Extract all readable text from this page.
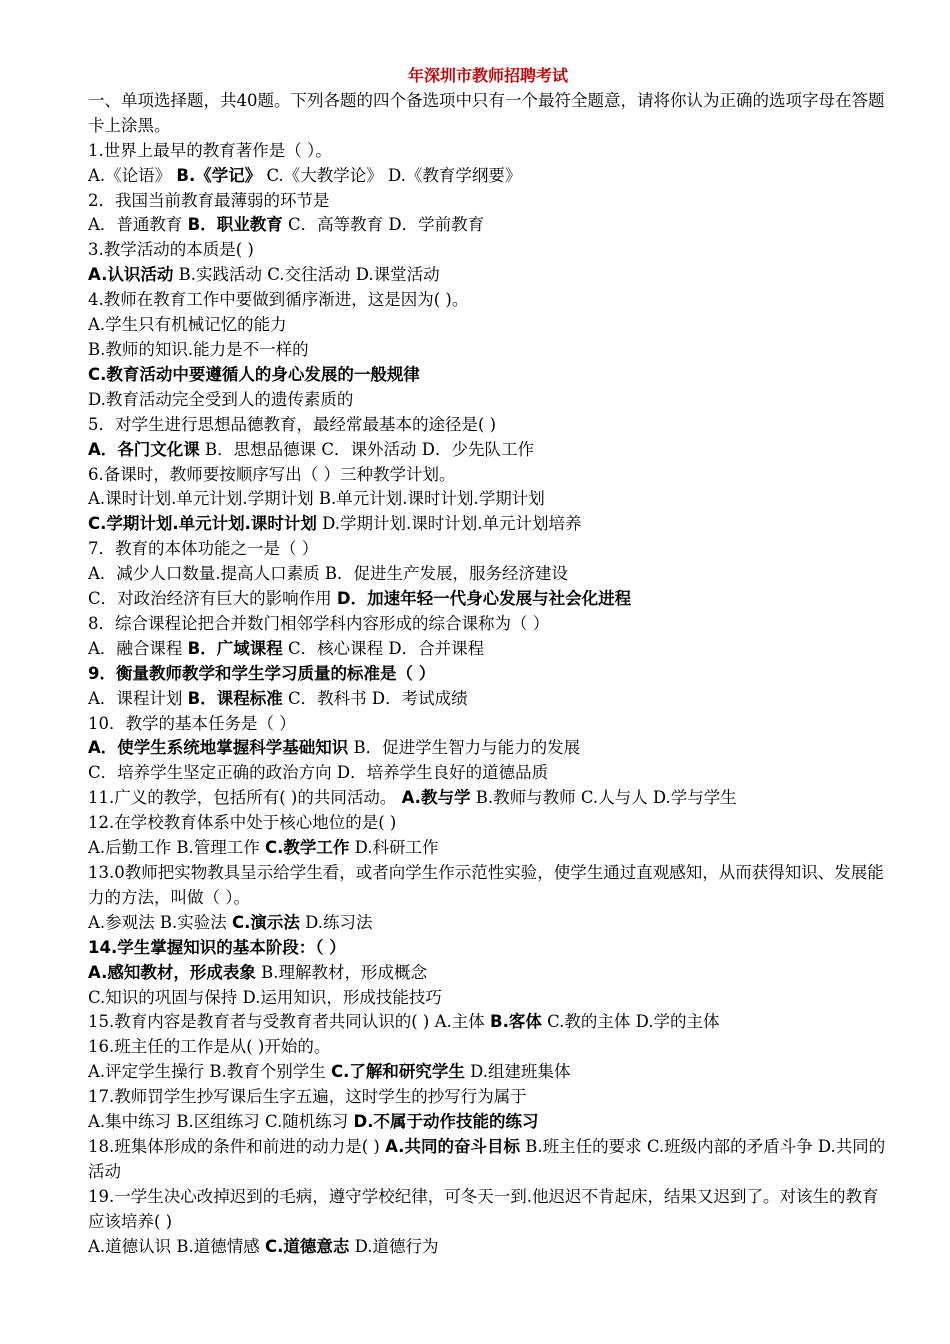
年深圳市教师招聘考试
一、单项选择题，共40题。下列各题的四个备选项中只有一个最符全题意，请将你认为正确的选项字母在答题卡上涂黑。
1.世界上最早的教育著作是（ ）。
A.《论语》 B.《学记》 C.《大教学论》 D.《教育学纲要》
2．我国当前教育最薄弱的环节是
A．普通教育 B．职业教育 C．高等教育 D．学前教育
3.教学活动的本质是( )
A.认识活动 B.实践活动 C.交往活动 D.课堂活动
4.教师在教育工作中要做到循序渐进，这是因为( )。
A.学生只有机械记忆的能力
B.教师的知识.能力是不一样的
C.教育活动中要遵循人的身心发展的一般规律
D.教育活动完全受到人的遗传素质的
5．对学生进行思想品德教育，最经常最基本的途径是( )
A．各门文化课 B．思想品德课 C．课外活动 D．少先队工作
6.备课时，教师要按顺序写出（ ）三种教学计划。
A.课时计划.单元计划.学期计划 B.单元计划.课时计划.学期计划
C.学期计划.单元计划.课时计划 D.学期计划.课时计划.单元计划培养
7．教育的本体功能之一是（ ）
A．减少人口数量.提高人口素质 B．促进生产发展，服务经济建设
C．对政治经济有巨大的影响作用 D．加速年轻一代身心发展与社会化进程
8．综合课程论把合并数门相邻学科内容形成的综合课称为（ ）
A．融合课程 B．广域课程 C．核心课程 D．合并课程
9．衡量教师教学和学生学习质量的标准是（ ）
A．课程计划 B．课程标准 C．教科书 D．考试成绩
10．教学的基本任务是（ ）
A．使学生系统地掌握科学基础知识 B．促进学生智力与能力的发展
C．培养学生坚定正确的政治方向 D．培养学生良好的道德品质
11.广义的教学，包括所有( )的共同活动。 A.教与学 B.教师与教师 C.人与人 D.学与学生
12.在学校教育体系中处于核心地位的是( )
A.后勤工作 B.管理工作 C.教学工作 D.科研工作
13.0教师把实物教具呈示给学生看，或者向学生作示范性实验，使学生通过直观感知，从而获得知识、发展能力的方法，叫做（ ）。
A.参观法 B.实验法 C.演示法 D.练习法
14.学生掌握知识的基本阶段：（ ）
A.感知教材，形成表象 B.理解教材，形成概念
C.知识的巩固与保持 D.运用知识，形成技能技巧
15.教育内容是教育者与受教育者共同认识的( ) A.主体 B.客体 C.教的主体 D.学的主体
16.班主任的工作是从( )开始的。
A.评定学生操行 B.教育个别学生 C.了解和研究学生 D.组建班集体
17.教师罚学生抄写课后生字五遍，这时学生的抄写行为属于
A.集中练习 B.区组练习 C.随机练习 D.不属于动作技能的练习
18.班集体形成的条件和前进的动力是( ) A.共同的奋斗目标 B.班主任的要求 C.班级内部的矛盾斗争 D.共同的活动
19.一学生决心改掉迟到的毛病，遵守学校纪律，可冬天一到.他迟迟不肯起床，结果又迟到了。对该生的教育应该培养( )
A.道德认识 B.道德情感 C.道德意志 D.道德行为
